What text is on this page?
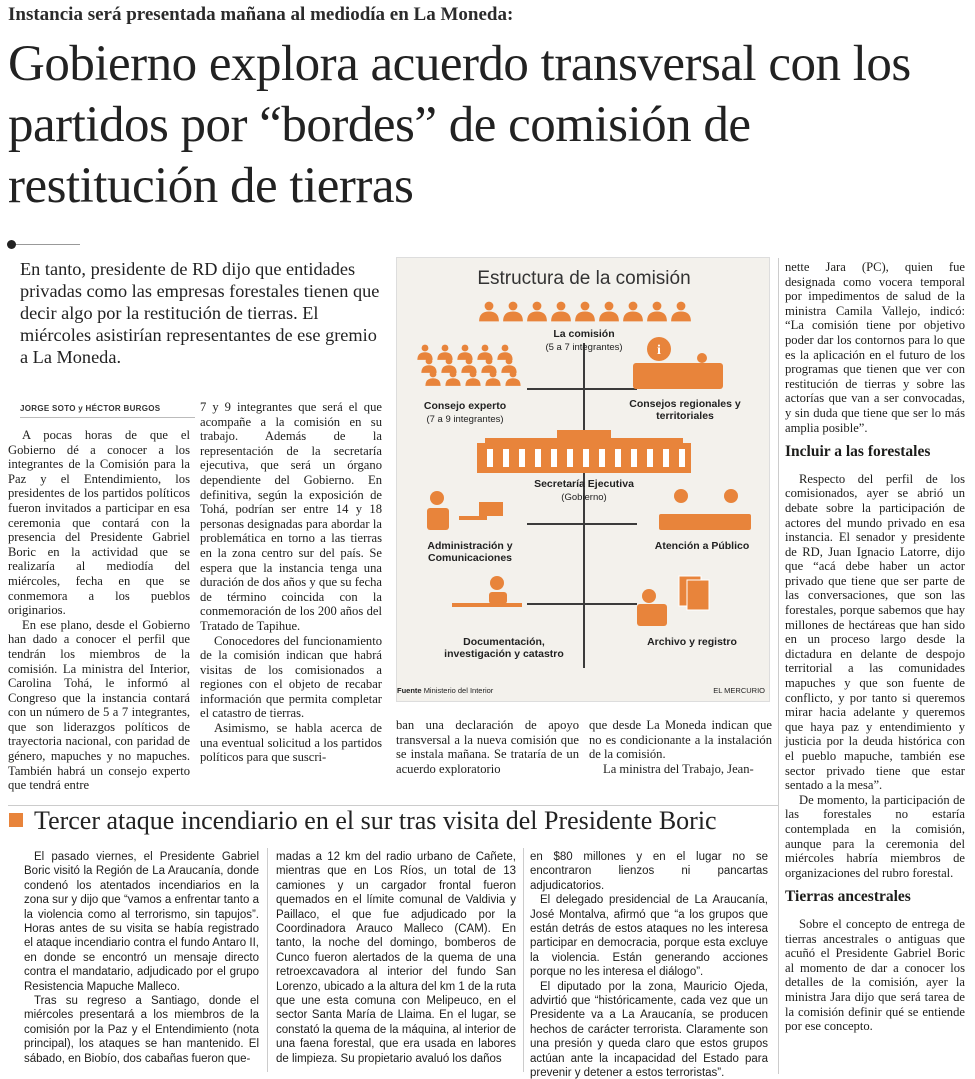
Instancia será presentada mañana al mediodía en La Moneda:
Gobierno explora acuerdo transversal con los partidos por “bordes” de comisión de restitución de tierras
En tanto, presidente de RD dijo que entidades privadas como las empresas forestales tienen que decir algo por la restitución de tierras. El miércoles asistirían representantes de ese gremio a La Moneda.
JORGE SOTO y HÉCTOR BURGOS

A pocas horas de que el Gobierno dé a conocer a los integrantes de la Comisión para la Paz y el Entendimiento, los presidentes de los partidos políticos fueron invitados a participar en esa ceremonia que contará con la presencia del Presidente Gabriel Boric en la actividad que se realizaría al mediodía del miércoles, fecha en que se conmemora a los pueblos originarios.

En ese plano, desde el Gobierno han dado a conocer el perfil que tendrán los miembros de la comisión. La ministra del Interior, Carolina Tohá, le informó al Congreso que la instancia contará con un número de 5 a 7 integrantes, que son liderazgos políticos de trayectoria nacional, con paridad de género, mapuches y no mapuches. También habrá un consejo experto que tendrá entre

7 y 9 integrantes que será el que acompañe a la comisión en su trabajo. Además de la representación de la secretaría ejecutiva, que será un órgano dependiente del Gobierno. En definitiva, según la exposición de Tohá, podrían ser entre 14 y 18 personas designadas para abordar la problemática en torno a las tierras en la zona centro sur del país. Se espera que la instancia tenga una duración de dos años y que su fecha de término coincida con la conmemoración de los 200 años del Tratado de Tapihue.

Conocedores del funcionamiento de la comisión indican que habrá visitas de los comisionados a regiones con el objeto de recabar información que permita completar el catastro de tierras.

Asimismo, se habla acerca de una eventual solicitud a los partidos políticos para que suscri-

ban una declaración de apoyo transversal a la nueva comisión que se instala mañana. Se trataría de un acuerdo exploratorio

que desde La Moneda indican que no es condicionante a la instalación de la comisión.

La ministra del Trabajo, Jean-

nette Jara (PC), quien fue designada como vocera temporal por impedimentos de salud de la ministra Camila Vallejo, indicó: “La comisión tiene por objetivo poder dar los contornos para lo que es la aplicación en el futuro de los programas que tienen que ver con restitución de tierras y sobre las actorías que van a ser convocadas, y sin duda que tiene que ser lo más amplia posible”.

Incluir a las forestales

Respecto del perfil de los comisionados, ayer se abrió un debate sobre la participación de actores del mundo privado en esa instancia. El senador y presidente de RD, Juan Ignacio Latorre, dijo que “acá debe haber un actor privado que tiene que ser parte de las conversaciones, que son las forestales, porque sabemos que hay millones de hectáreas que han sido en un proceso largo desde la dictadura en delante de despojo territorial a las comunidades mapuches y que son fuente de conflicto, y por tanto si queremos mirar hacia adelante y queremos que haya paz y entendimiento y justicia por la deuda histórica con el pueblo mapuche, también ese sector privado tiene que estar sentado a la mesa”.

De momento, la participación de las forestales no estaría contemplada en la comisión, aunque para la ceremonia del miércoles habría miembros de organizaciones del rubro forestal.

Tierras ancestrales

Sobre el concepto de entrega de tierras ancestrales o antiguas que acuñó el Presidente Gabriel Boric al momento de dar a conocer los detalles de la comisión, ayer la ministra Jara dijo que será tarea de la comisión definir qué se entiende por ese concepto.

Estructura de la comisión
i
La comisión
(5 a 7 integrantes)
Consejo experto
(7 a 9 integrantes)
Consejos regionales y territoriales
Secretaría Ejecutiva
(Gobierno)
Administración y Comunicaciones
Atención a Público
Documentación, investigación y catastro
Archivo y registro
Fuente Ministerio del Interior	EL MERCURIO
Tercer ataque incendiario en el sur tras visita del Presidente Boric

El pasado viernes, el Presidente Gabriel Boric visitó la Región de La Araucanía, donde condenó los atentados incendiarios en la zona sur y dijo que “vamos a enfrentar tanto a la violencia como al terrorismo, sin tapujos”. Horas antes de su visita se había registrado el ataque incendiario contra el fundo Antaro II, en donde se encontró un mensaje directo contra el mandatario, adjudicado por el grupo Resistencia Mapuche Malleco.

Tras su regreso a Santiago, donde el miércoles presentará a los miembros de la comisión por la Paz y el Entendimiento (nota principal), los ataques se han mantenido. El sábado, en Biobío, dos cabañas fueron que-

madas a 12 km del radio urbano de Cañete, mientras que en Los Ríos, un total de 13 camiones y un cargador frontal fueron quemados en el límite comunal de Valdivia y Paillaco, el que fue adjudicado por la Coordinadora Arauco Malleco (CAM). En tanto, la noche del domingo, bomberos de Cunco fueron alertados de la quema de una retroexcavadora al interior del fundo San Lorenzo, ubicado a la altura del km 1 de la ruta que une esta comuna con Melipeuco, en el sector Santa María de Llaima. En el lugar, se constató la quema de la máquina, al interior de una faena forestal, que era usada en labores de limpieza. Su propietario avaluó los daños

en $80 millones y en el lugar no se encontraron lienzos ni pancartas adjudicatorios.

El delegado presidencial de La Araucanía, José Montalva, afirmó que “a los grupos que están detrás de estos ataques no les interesa participar en democracia, porque esta excluye la violencia. Están generando acciones porque no les interesa el diálogo”.

El diputado por la zona, Mauricio Ojeda, advirtió que “históricamente, cada vez que un Presidente va a La Araucanía, se producen hechos de carácter terrorista. Claramente son una presión y queda claro que estos grupos actúan ante la incapacidad del Estado para prevenir y detener a estos terroristas”.
